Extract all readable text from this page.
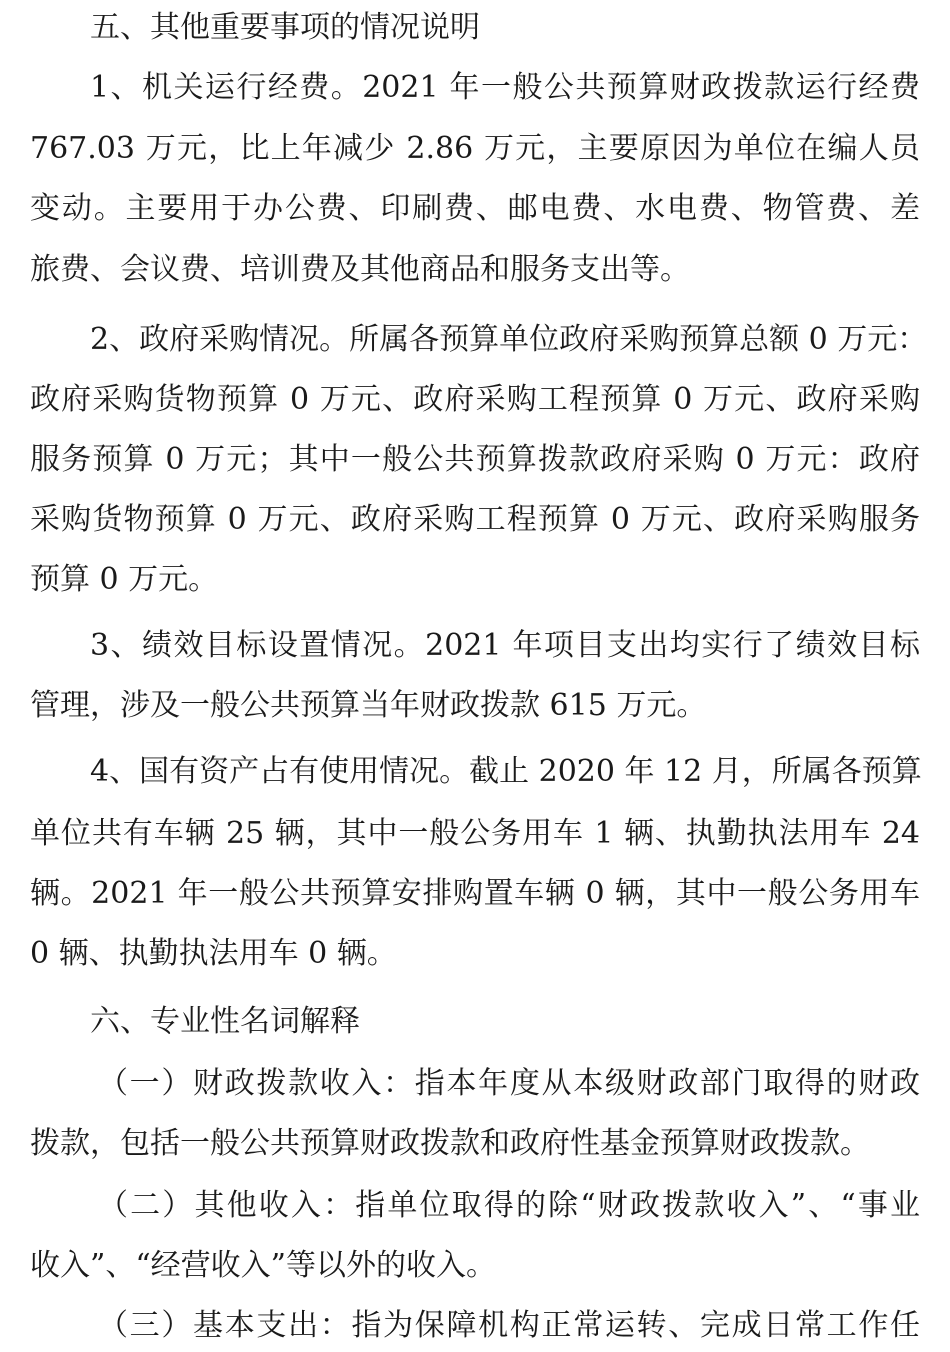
五、其他重要事项的情况说明
1、机关运行经费。2021 年一般公共预算财政拨款运行经费
767.03 万元，比上年减少 2.86 万元，主要原因为单位在编人员
变动。主要用于办公费、印刷费、邮电费、水电费、物管费、差
旅费、会议费、培训费及其他商品和服务支出等。
2、政府采购情况。所属各预算单位政府采购预算总额 0 万元：
政府采购货物预算 0 万元、政府采购工程预算 0 万元、政府采购
服务预算 0 万元；其中一般公共预算拨款政府采购 0 万元：政府
采购货物预算 0 万元、政府采购工程预算 0 万元、政府采购服务
预算 0 万元。
3、绩效目标设置情况。2021 年项目支出均实行了绩效目标
管理，涉及一般公共预算当年财政拨款 615 万元。
4、国有资产占有使用情况。截止 2020 年 12 月，所属各预算
单位共有车辆 25 辆，其中一般公务用车 1 辆、执勤执法用车 24
辆。2021 年一般公共预算安排购置车辆 0 辆，其中一般公务用车
0 辆、执勤执法用车 0 辆。
六、专业性名词解释
（一）财政拨款收入：指本年度从本级财政部门取得的财政
拨款，包括一般公共预算财政拨款和政府性基金预算财政拨款。
（二）其他收入：指单位取得的除“财政拨款收入”、“事业
收入”、“经营收入”等以外的收入。
（三）基本支出：指为保障机构正常运转、完成日常工作任
